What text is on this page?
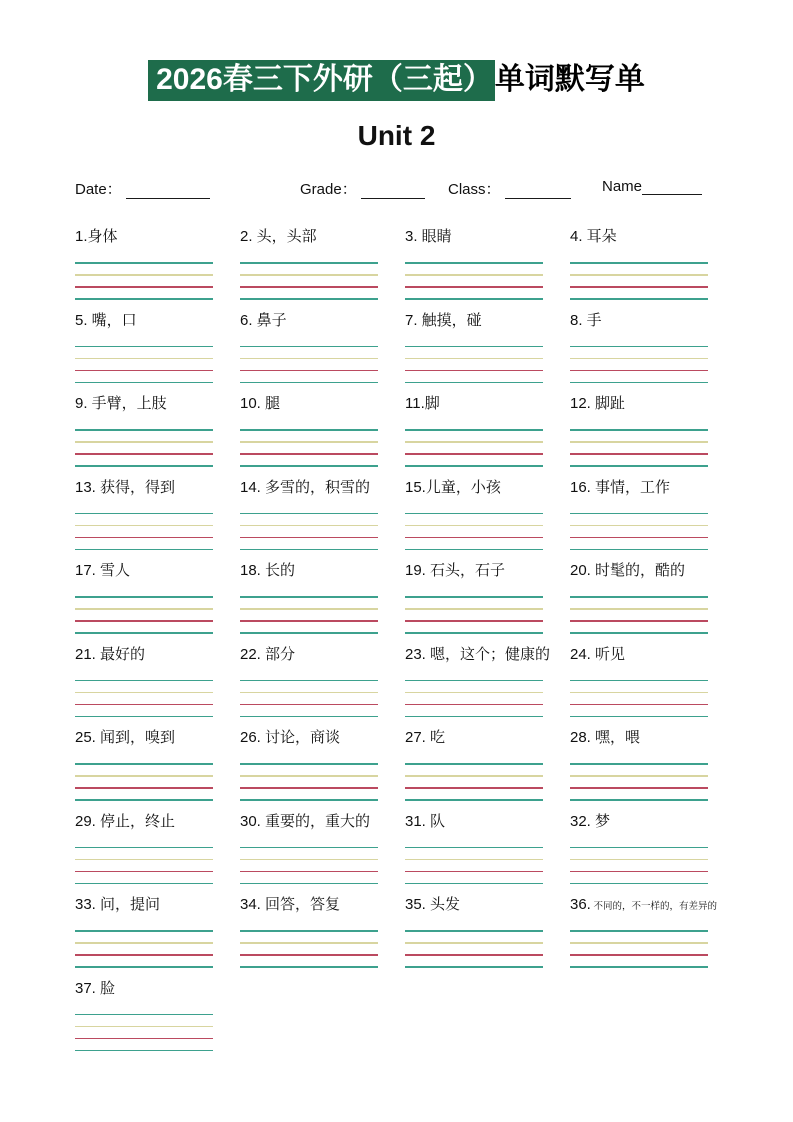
2026春三下外研（三起）单词默写单
Unit 2
Date：	Grade：	Class：	Name
1.身体	2. 头，头部	3. 眼睛	4. 耳朵
5. 嘴，口	6. 鼻子	7. 触摸，碰	8. 手
9. 手臂，上肢	10. 腿	11.脚	12. 脚趾
13. 获得，得到	14. 多雪的，积雪的	15.儿童，小孩	16. 事情，工作
17. 雪人	18. 长的	19. 石头，石子	20. 时髦的，酷的
21. 最好的	22. 部分	23. 嗯，这个；健康的	24. 听见
25. 闻到，嗅到	26. 讨论，商谈	27. 吃	28. 嘿，喂
29. 停止，终止	30. 重要的，重大的	31. 队	32. 梦
33. 问，提问	34. 回答，答复	35. 头发	36. 不同的，不一样的，有差异的
37. 脸
